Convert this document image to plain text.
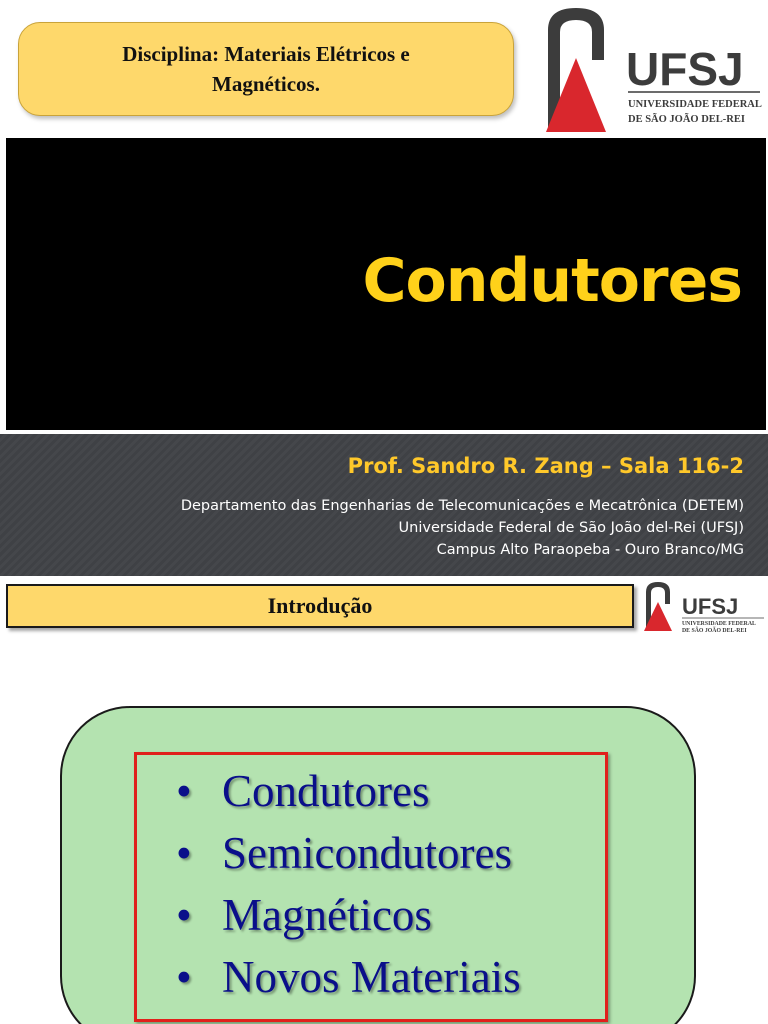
Disciplina: Materiais Elétricos e Magnéticos.	UFSJ
UNIVERSIDADE FEDERAL
DE SÃO JOÃO DEL-REI
Condutores
Prof. Sandro R. Zang – Sala 116-2
Departamento das Engenharias de Telecomunicações e Mecatrônica (DETEM)
Universidade Federal de São João del-Rei (UFSJ)
Campus Alto Paraopeba - Ouro Branco/MG
Introdução	UFSJ
UNIVERSIDADE FEDERAL
DE SÃO JOÃO DEL-REI
• Condutores
• Semicondutores
• Magnéticos
• Novos Materiais
